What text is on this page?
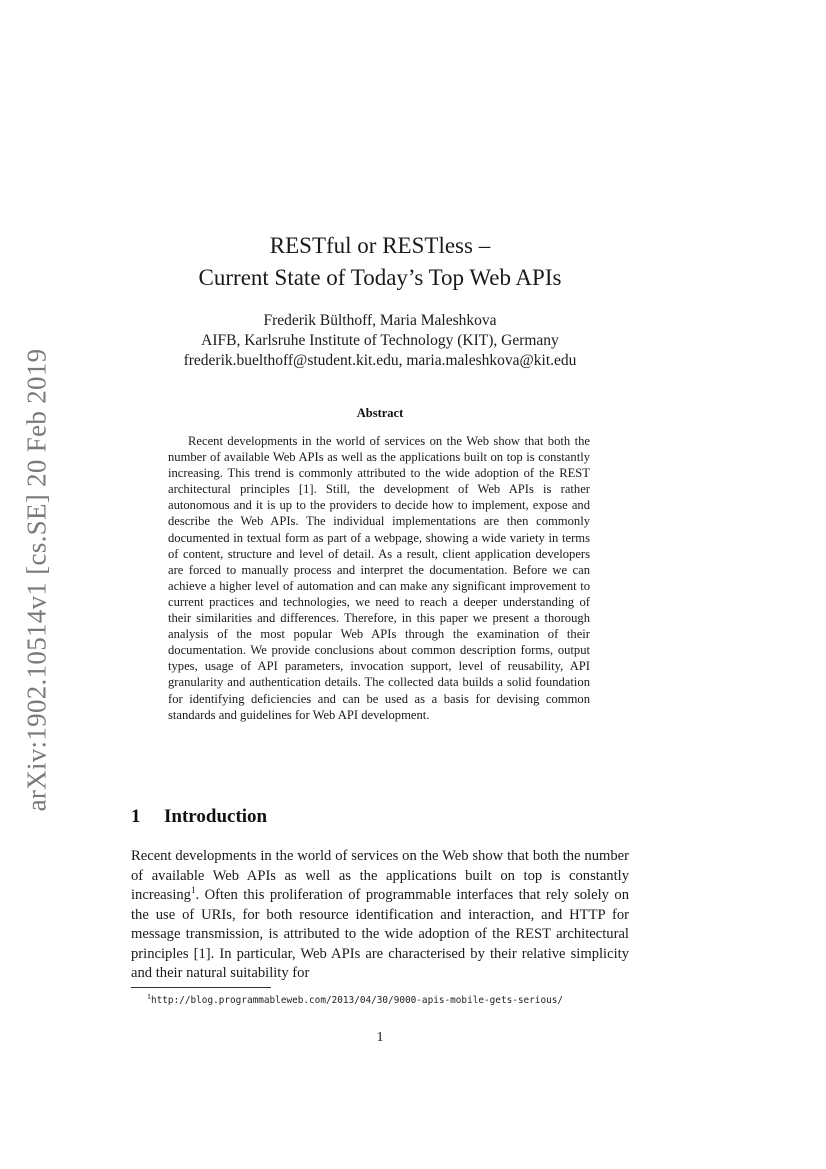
arXiv:1902.10514v1 [cs.SE] 20 Feb 2019
RESTful or RESTless –
Current State of Today’s Top Web APIs
Frederik Bülthoff, Maria Maleshkova
AIFB, Karlsruhe Institute of Technology (KIT), Germany
frederik.buelthoff@student.kit.edu, maria.maleshkova@kit.edu
Abstract
Recent developments in the world of services on the Web show that both the number of available Web APIs as well as the applications built on top is constantly increasing. This trend is commonly attributed to the wide adoption of the REST architectural principles [1]. Still, the development of Web APIs is rather autonomous and it is up to the providers to decide how to implement, expose and describe the Web APIs. The individual implementations are then commonly documented in textual form as part of a webpage, showing a wide variety in terms of content, structure and level of detail. As a result, client application developers are forced to manually process and interpret the documentation. Before we can achieve a higher level of automation and can make any significant improvement to current practices and technologies, we need to reach a deeper understanding of their similarities and differences. Therefore, in this paper we present a thorough analysis of the most popular Web APIs through the examination of their documentation. We provide conclusions about common description forms, output types, usage of API parameters, invocation support, level of reusability, API granularity and authentication details. The collected data builds a solid foundation for identifying deficiencies and can be used as a basis for devising common standards and guidelines for Web API development.
1 Introduction
Recent developments in the world of services on the Web show that both the number of available Web APIs as well as the applications built on top is constantly increasing$^1$. Often this proliferation of programmable interfaces that rely solely on the use of URIs, for both resource identification and interaction, and HTTP for message transmission, is attributed to the wide adoption of the REST architectural principles [1]. In particular, Web APIs are characterised by their relative simplicity and their natural suitability for
$^1$http://blog.programmableweb.com/2013/04/30/9000-apis-mobile-gets-serious/
1
